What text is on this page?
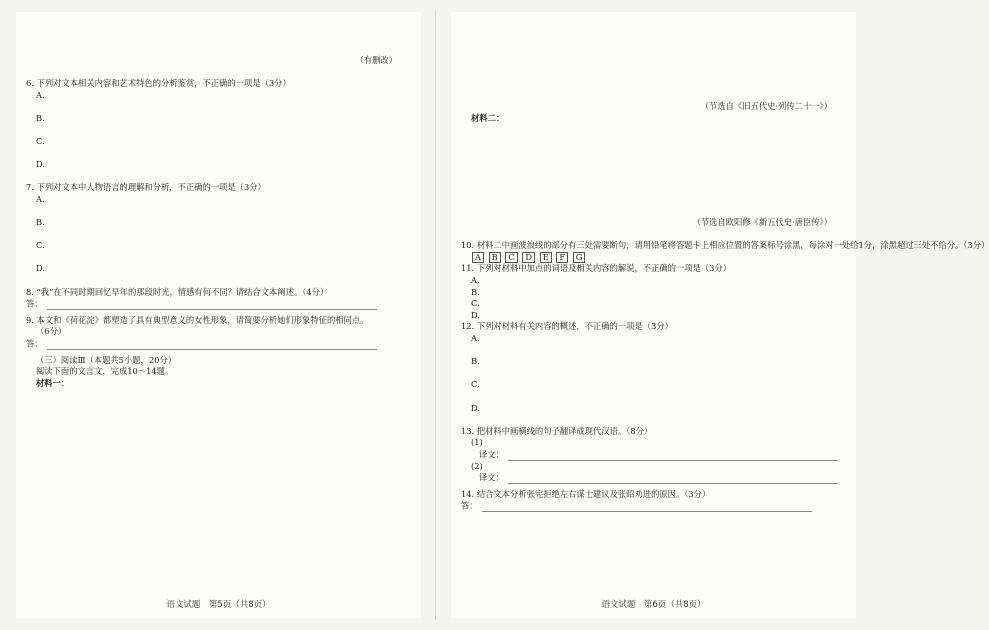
（有删改）
6. 下列对文本相关内容和艺术特色的分析鉴赏，不正确的一项是（3分）
A.
B.
C.
D.
7. 下列对文本中人物语言的理解和分析，不正确的一项是（3分）
A.
B.
C.
D.
8. “我”在不同时期回忆早年的那段时光，情感有何不同？请结合文本阐述。（4分）
答：
9. 本文和《荷花淀》都塑造了具有典型意义的女性形象，请简要分析她们形象特征的相同点。
（6分）
答：
（三）阅读Ⅲ（本题共5小题，20分）
阅读下面的文言文，完成10～14题。
材料一：
语文试题　第5页（共8页）
（节选自《旧五代史·列传二十一》）
材料二：
（节选自欧阳修《新五代史·唐臣传》）
10. 材料二中画波浪线的部分有三处需要断句，请用铅笔将答题卡上相应位置的答案标号涂黑，每涂对一处给1分，涂黑超过三处不给分。（3分）
A B C D E F G
11. 下列对材料中加点的词语及相关内容的解说，不正确的一项是（3分）
A.
B.
C.
D.
12. 下列对材料有关内容的概述，不正确的一项是（3分）
A.
B.
C.
D.
13. 把材料中画横线的句子翻译成现代汉语。（8分）
(1)
译文：
(2)
译文：
14. 结合文本分析张宪拒绝左右谋士建议及张昭劝进的原因。（3分）
答：
语文试题　第6页（共8页）
